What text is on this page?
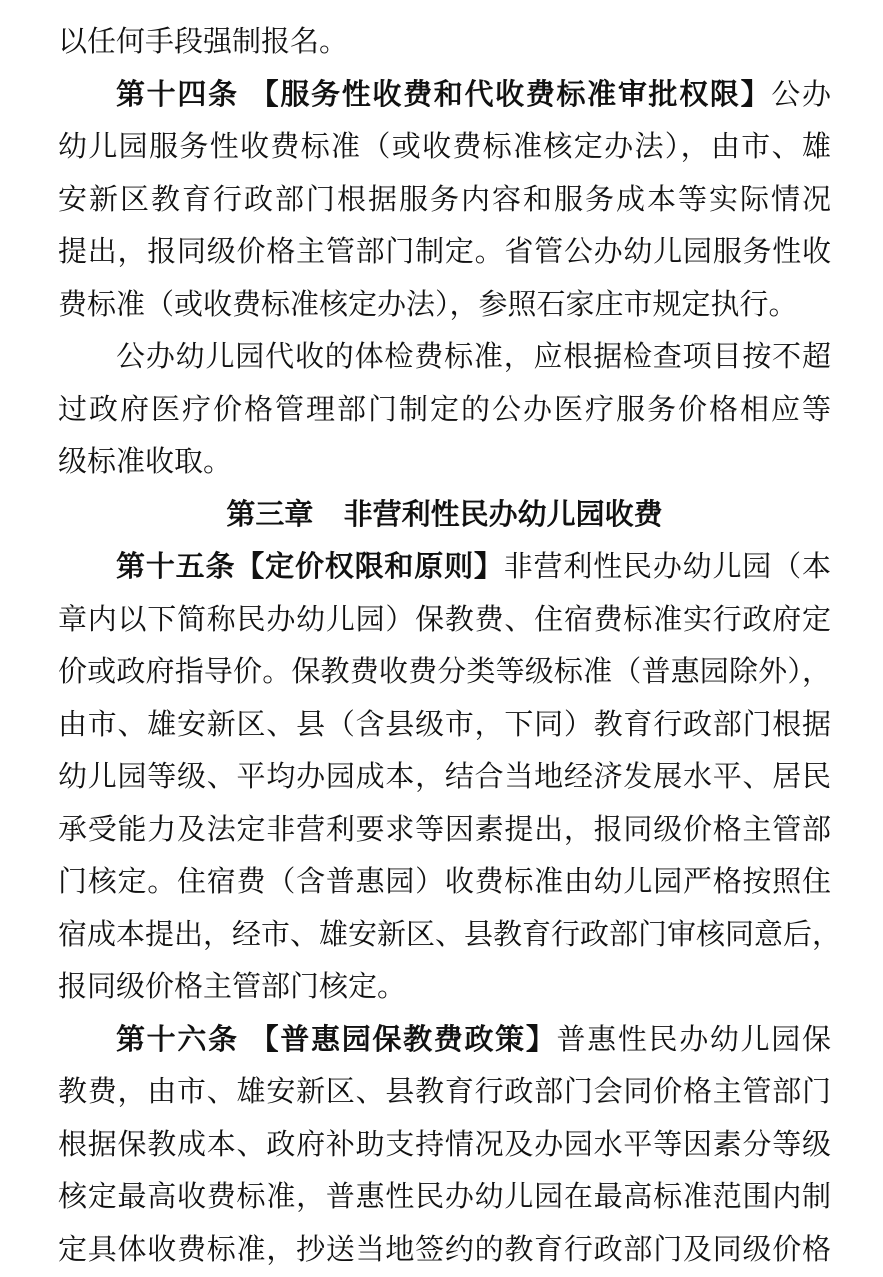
以任何手段强制报名。
第十四条 【服务性收费和代收费标准审批权限】公办
幼儿园服务性收费标准（或收费标准核定办法），由市、雄
安新区教育行政部门根据服务内容和服务成本等实际情况
提出，报同级价格主管部门制定。省管公办幼儿园服务性收
费标准（或收费标准核定办法），参照石家庄市规定执行。
公办幼儿园代收的体检费标准，应根据检查项目按不超
过政府医疗价格管理部门制定的公办医疗服务价格相应等
级标准收取。
第三章 非营利性民办幼儿园收费
第十五条【定价权限和原则】非营利性民办幼儿园（本
章内以下简称民办幼儿园）保教费、住宿费标准实行政府定
价或政府指导价。保教费收费分类等级标准（普惠园除外），
由市、雄安新区、县（含县级市，下同）教育行政部门根据
幼儿园等级、平均办园成本，结合当地经济发展水平、居民
承受能力及法定非营利要求等因素提出，报同级价格主管部
门核定。住宿费（含普惠园）收费标准由幼儿园严格按照住
宿成本提出，经市、雄安新区、县教育行政部门审核同意后，
报同级价格主管部门核定。
第十六条 【普惠园保教费政策】普惠性民办幼儿园保
教费，由市、雄安新区、县教育行政部门会同价格主管部门
根据保教成本、政府补助支持情况及办园水平等因素分等级
核定最高收费标准，普惠性民办幼儿园在最高标准范围内制
定具体收费标准，抄送当地签约的教育行政部门及同级价格
